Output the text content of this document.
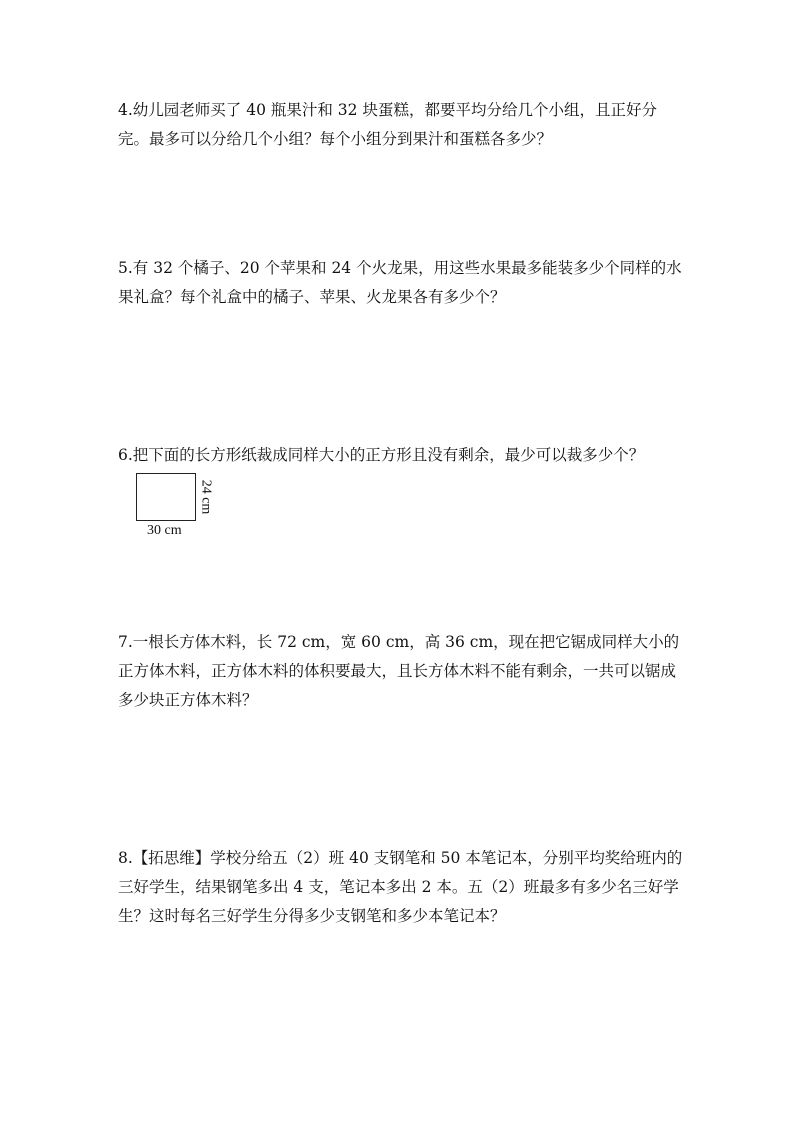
4.幼儿园老师买了 40 瓶果汁和 32 块蛋糕，都要平均分给几个小组，且正好分完。最多可以分给几个小组？每个小组分到果汁和蛋糕各多少？

5.有 32 个橘子、20 个苹果和 24 个火龙果，用这些水果最多能装多少个同样的水果礼盒？每个礼盒中的橘子、苹果、火龙果各有多少个？

6.把下面的长方形纸裁成同样大小的正方形且没有剩余，最少可以裁多少个？

30 cm
24 cm

7.一根长方体木料，长 72 cm，宽 60 cm，高 36 cm，现在把它锯成同样大小的正方体木料，正方体木料的体积要最大，且长方体木料不能有剩余，一共可以锯成多少块正方体木料？

8.【拓思维】学校分给五（2）班 40 支钢笔和 50 本笔记本，分别平均奖给班内的三好学生，结果钢笔多出 4 支，笔记本多出 2 本。五（2）班最多有多少名三好学生？这时每名三好学生分得多少支钢笔和多少本笔记本？
